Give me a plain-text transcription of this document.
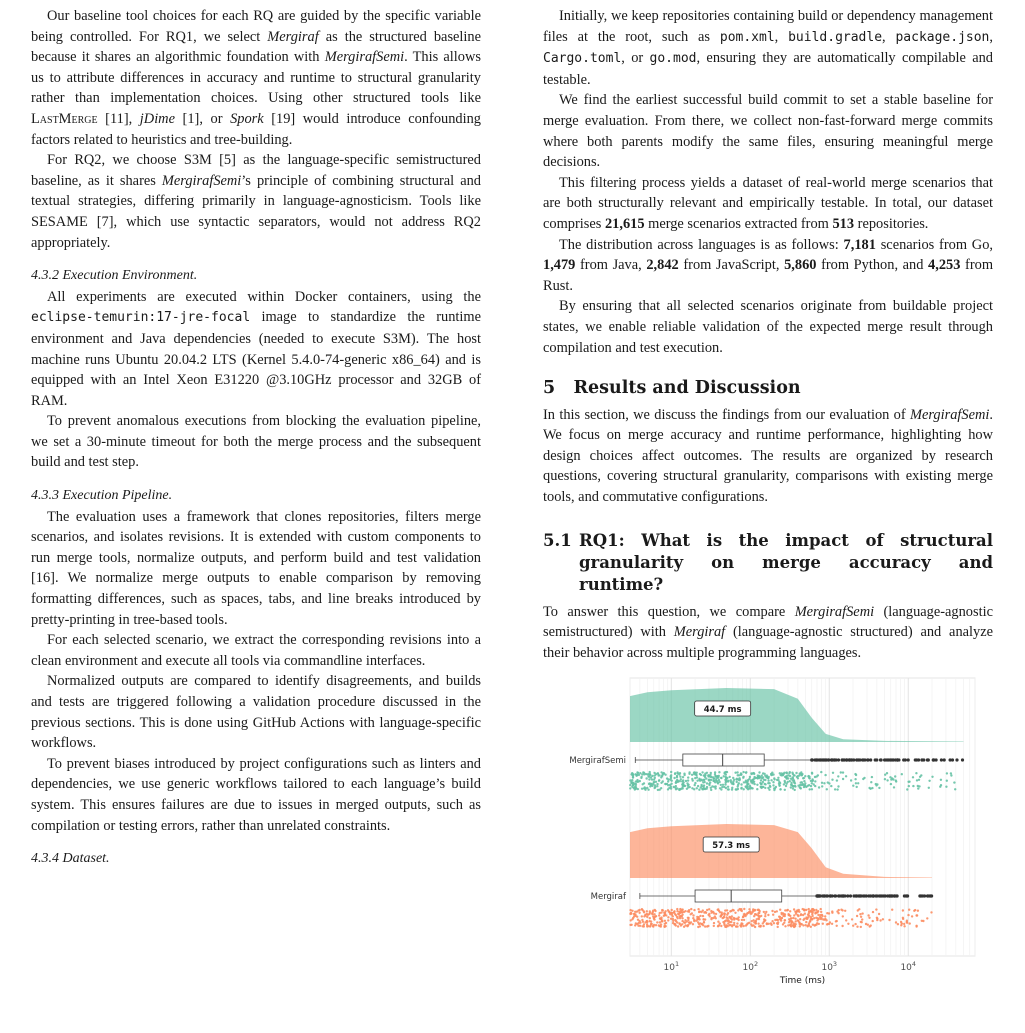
Our baseline tool choices for each RQ are guided by the specific variable being controlled. For RQ1, we select Mergiraf as the structured baseline because it shares an algorithmic foundation with MergirafSemi. This allows us to attribute differences in accuracy and runtime to structural granularity rather than implementation choices. Using other structured tools like LastMerge [11], jDime [1], or Spork [19] would introduce confounding factors related to heuristics and tree-building.

For RQ2, we choose S3M [5] as the language-specific semistructured baseline, as it shares MergirafSemi’s principle of combining structural and textual strategies, differing primarily in language-agnosticism. Tools like SESAME [7], which use syntactic separators, would not address RQ2 appropriately.

4.3.2 Execution Environment.

All experiments are executed within Docker containers, using the eclipse-temurin:17-jre-focal image to standardize the runtime environment and Java dependencies (needed to execute S3M). The host machine runs Ubuntu 20.04.2 LTS (Kernel 5.4.0-74-generic x86_64) and is equipped with an Intel Xeon E31220 @3.10GHz processor and 32GB of RAM.

To prevent anomalous executions from blocking the evaluation pipeline, we set a 30-minute timeout for both the merge process and the subsequent build and test step.

4.3.3 Execution Pipeline.

The evaluation uses a framework that clones repositories, filters merge scenarios, and isolates revisions. It is extended with custom components to run merge tools, normalize outputs, and perform build and test validation [16]. We normalize merge outputs to enable comparison by removing formatting differences, such as spaces, tabs, and line breaks introduced by pretty-printing in tree-based tools.

For each selected scenario, we extract the corresponding revisions into a clean environment and execute all tools via commandline interfaces.

Normalized outputs are compared to identify disagreements, and builds and tests are triggered following a validation procedure discussed in the previous sections. This is done using GitHub Actions with language-specific workflows.

To prevent biases introduced by project configurations such as linters and dependencies, we use generic workflows tailored to each language’s build system. This ensures failures are due to issues in merged outputs, such as compilation or testing errors, rather than unrelated constraints.

4.3.4 Dataset.

Initially, we keep repositories containing build or dependency management files at the root, such as pom.xml, build.gradle, package.json, Cargo.toml, or go.mod, ensuring they are automatically compilable and testable.

We find the earliest successful build commit to set a stable baseline for merge evaluation. From there, we collect non-fast-forward merge commits where both parents modify the same files, ensuring meaningful merge decisions.

This filtering process yields a dataset of real-world merge scenarios that are both structurally relevant and empirically testable. In total, our dataset comprises 21,615 merge scenarios extracted from 513 repositories.

The distribution across languages is as follows: 7,181 scenarios from Go, 1,479 from Java, 2,842 from JavaScript, 5,860 from Python, and 4,253 from Rust.

By ensuring that all selected scenarios originate from buildable project states, we enable reliable validation of the expected merge result through compilation and test execution.

5 Results and Discussion

In this section, we discuss the findings from our evaluation of MergirafSemi. We focus on merge accuracy and runtime performance, highlighting how design choices affect outcomes. The results are organized by research questions, covering structural granularity, comparisons with existing merge tools, and commutative configurations.

5.1 RQ1: What is the impact of structural granularity on merge accuracy and runtime?

To answer this question, we compare MergirafSemi (language-agnostic semistructured) with Mergiraf (language-agnostic structured) and analyze their behavior across multiple programming languages.

$10^1$	$10^2$	$10^3$	$10^4$
Time (ms)
44.7 ms
MergirafSemi
57.3 ms
Mergiraf
